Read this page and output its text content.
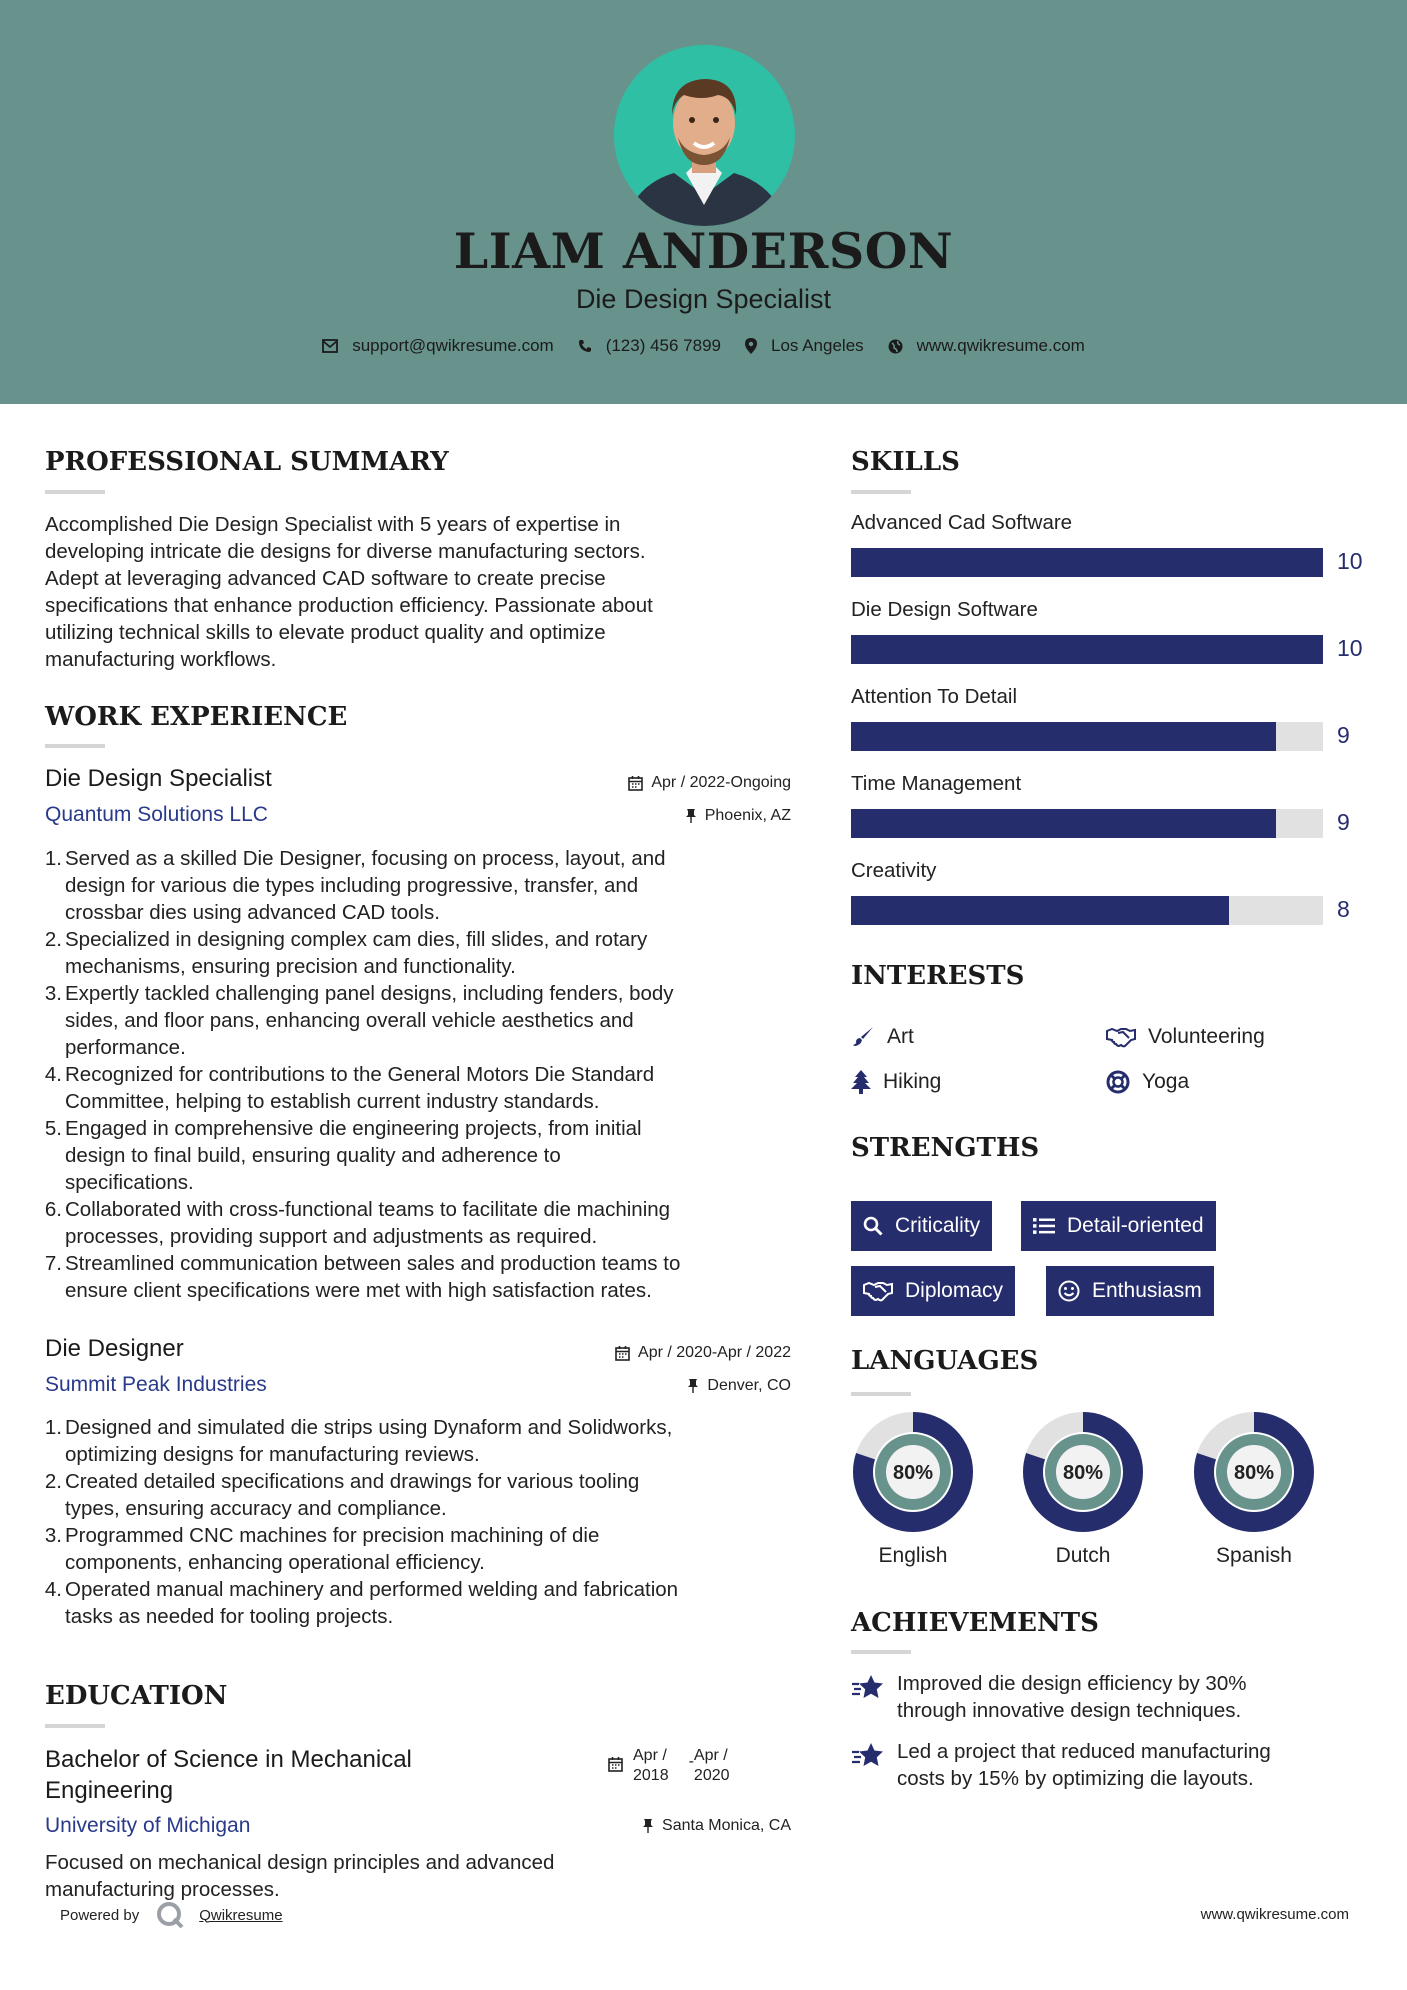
LIAM ANDERSON
Die Design Specialist
support@qwikresume.com	(123) 456 7899	Los Angeles	www.qwikresume.com
PROFESSIONAL SUMMARY
Accomplished Die Design Specialist with 5 years of expertise in
developing intricate die designs for diverse manufacturing sectors.
Adept at leveraging advanced CAD software to create precise
specifications that enhance production efficiency. Passionate about
utilizing technical skills to elevate product quality and optimize
manufacturing workflows.
WORK EXPERIENCE
Die Design Specialist
Quantum Solutions LLC
Apr / 2022-Ongoing
Phoenix, AZ
1. Served as a skilled Die Designer, focusing on process, layout, and
design for various die types including progressive, transfer, and
crossbar dies using advanced CAD tools.
2. Specialized in designing complex cam dies, fill slides, and rotary
mechanisms, ensuring precision and functionality.
3. Expertly tackled challenging panel designs, including fenders, body
sides, and floor pans, enhancing overall vehicle aesthetics and
performance.
4. Recognized for contributions to the General Motors Die Standard
Committee, helping to establish current industry standards.
5. Engaged in comprehensive die engineering projects, from initial
design to final build, ensuring quality and adherence to
specifications.
6. Collaborated with cross-functional teams to facilitate die machining
processes, providing support and adjustments as required.
7. Streamlined communication between sales and production teams to
ensure client specifications were met with high satisfaction rates.
Die Designer
Summit Peak Industries
Apr / 2020-Apr / 2022
Denver, CO
1. Designed and simulated die strips using Dynaform and Solidworks,
optimizing designs for manufacturing reviews.
2. Created detailed specifications and drawings for various tooling
types, ensuring accuracy and compliance.
3. Programmed CNC machines for precision machining of die
components, enhancing operational efficiency.
4. Operated manual machinery and performed welding and fabrication
tasks as needed for tooling projects.
EDUCATION
Bachelor of Science in Mechanical
Engineering
University of Michigan
Apr /
2018
- Apr /
2020
Santa Monica, CA
Focused on mechanical design principles and advanced
manufacturing processes.
SKILLS
Advanced Cad Software
10
Die Design Software
10
Attention To Detail
9
Time Management
9
Creativity
8
INTERESTS
Art	Volunteering
Hiking	Yoga
STRENGTHS
Criticality	Detail-oriented
Diplomacy	Enthusiasm
LANGUAGES
80%
English
80%
Dutch
80%
Spanish
ACHIEVEMENTS
Improved die design efficiency by 30%
through innovative design techniques.
Led a project that reduced manufacturing
costs by 15% by optimizing die layouts.
Powered by	Qwikresume	www.qwikresume.com
